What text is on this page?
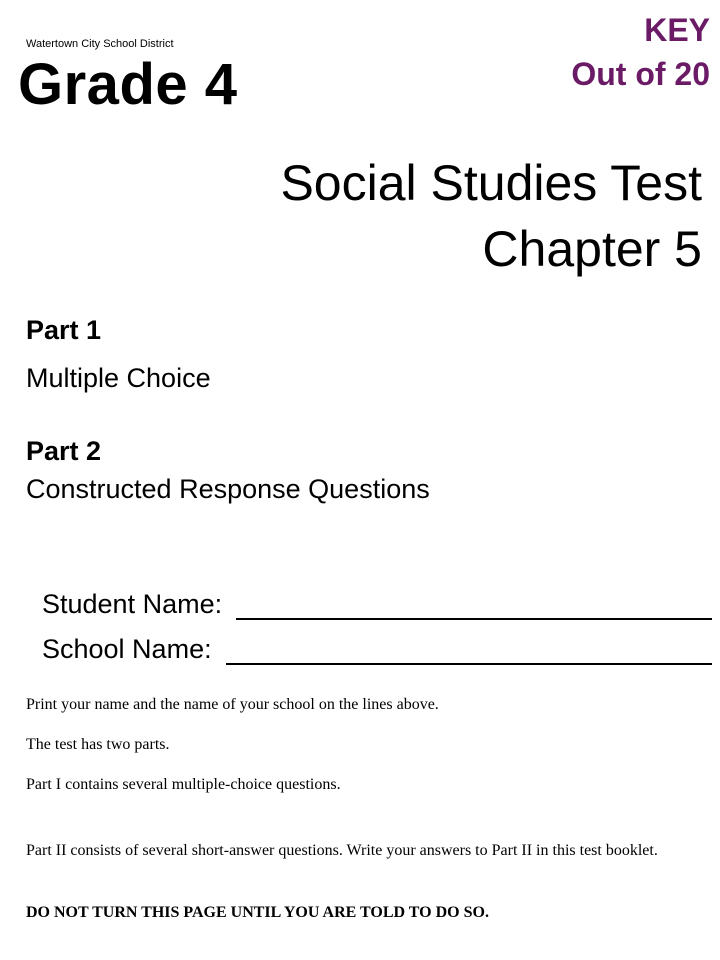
Watertown City School District
Grade 4
KEY
Out of 20
Social Studies Test
Chapter 5
Part 1
Multiple Choice
Part 2
Constructed Response Questions
Student Name:
School Name:
Print your name and the name of your school on the lines above.
The test has two parts.
Part I contains several multiple-choice questions.
Part II consists of several short-answer questions. Write your answers to Part II in this test booklet.
DO NOT TURN THIS PAGE UNTIL YOU ARE TOLD TO DO SO.
